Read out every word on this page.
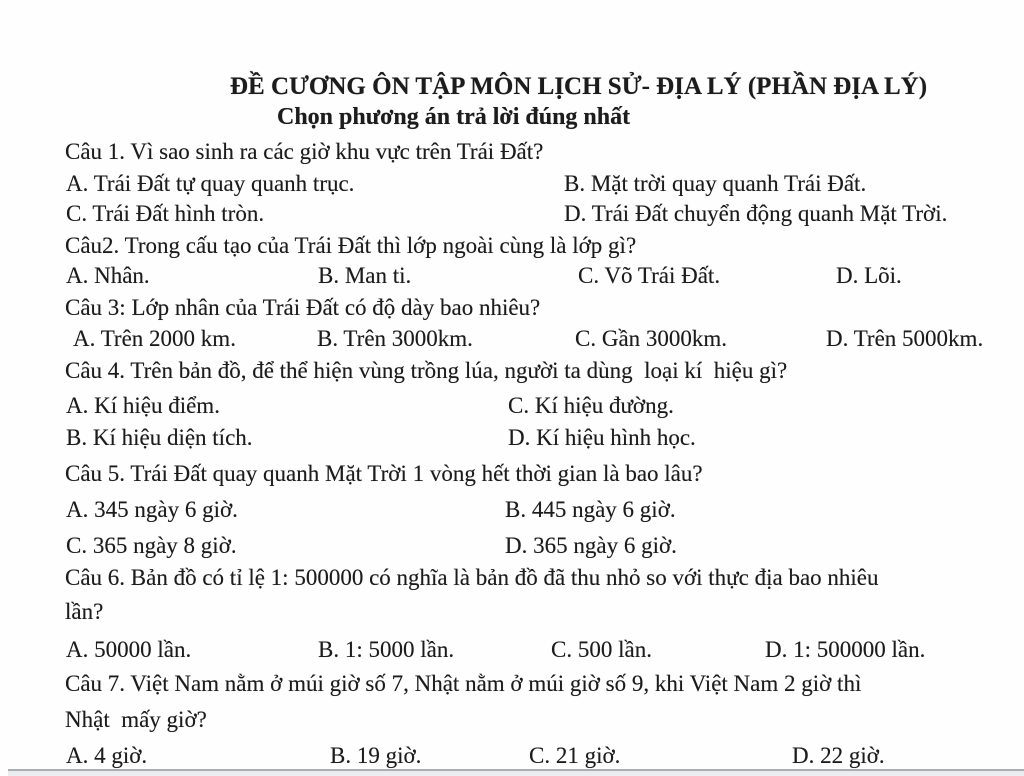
ĐỀ CƯƠNG ÔN TẬP MÔN LỊCH SỬ- ĐỊA LÝ (PHẦN ĐỊA LÝ)
Chọn phương án trả lời đúng nhất
Câu 1. Vì sao sinh ra các giờ khu vực trên Trái Đất?
A. Trái Đất tự quay quanh trục.	B. Mặt trời quay quanh Trái Đất.
C. Trái Đất hình tròn.	D. Trái Đất chuyển động quanh Mặt Trời.
Câu2. Trong cấu tạo của Trái Đất thì lớp ngoài cùng là lớp gì?
A. Nhân.	B. Man ti.	C. Võ Trái Đất.	D. Lõi.
Câu 3: Lớp nhân của Trái Đất có độ dày bao nhiêu?
A. Trên 2000 km.	B. Trên 3000km.	C. Gần 3000km.	D. Trên 5000km.
Câu 4. Trên bản đồ, để thể hiện vùng trồng lúa, người ta dùng  loại kí  hiệu gì?
A. Kí hiệu điểm.	C. Kí hiệu đường.
B. Kí hiệu diện tích.	D. Kí hiệu hình học.
Câu 5. Trái Đất quay quanh Mặt Trời 1 vòng hết thời gian là bao lâu?
A. 345 ngày 6 giờ.	B. 445 ngày 6 giờ.
C. 365 ngày 8 giờ.	D. 365 ngày 6 giờ.
Câu 6. Bản đồ có tỉ lệ 1: 500000 có nghĩa là bản đồ đã thu nhỏ so với thực địa bao nhiêu
lần?
A. 50000 lần.	B. 1: 5000 lần.	C. 500 lần.	D. 1: 500000 lần.
Câu 7. Việt Nam nằm ở múi giờ số 7, Nhật nằm ở múi giờ số 9, khi Việt Nam 2 giờ thì
Nhật  mấy giờ?
A. 4 giờ.	B. 19 giờ.	C. 21 giờ.	D. 22 giờ.
